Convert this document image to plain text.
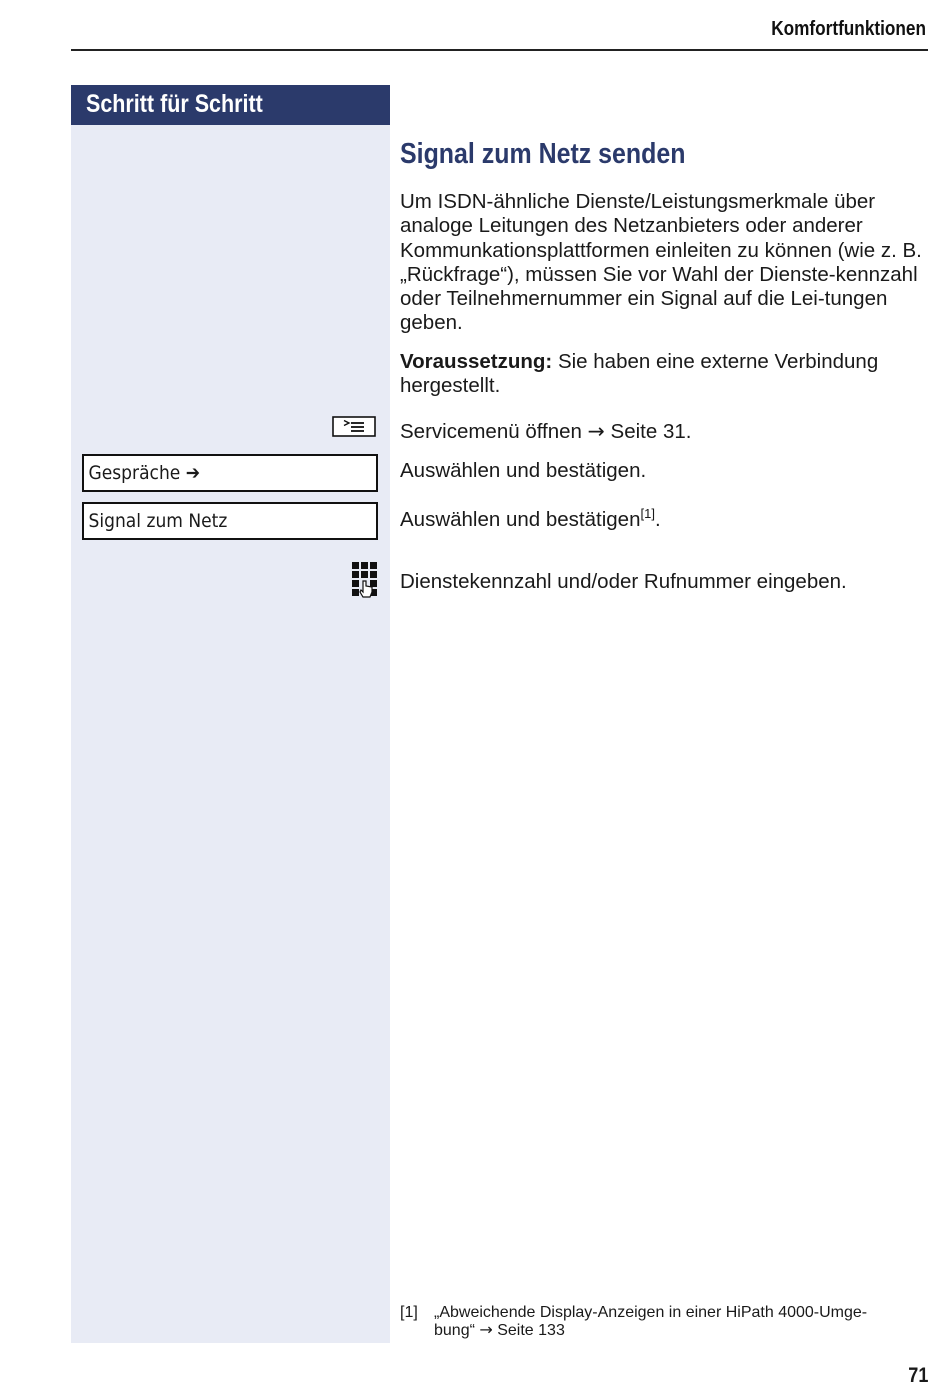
Komfortfunktionen
Schritt für Schritt
Gespräche ➔
Signal zum Netz
Signal zum Netz senden
Um ISDN-ähnliche Dienste/Leistungsmerkmale über analoge Leitungen des Netzanbieters oder anderer Kommunkationsplattformen einleiten zu können (wie z. B. „Rückfrage“), müssen Sie vor Wahl der Dienste-kennzahl oder Teilnehmernummer ein Signal auf die Lei-tungen geben.
Voraussetzung: Sie haben eine externe Verbindung hergestellt.
Servicemenü öffnen → Seite 31.
Auswählen und bestätigen.
Auswählen und bestätigen[1].
Dienstekennzahl und/oder Rufnummer eingeben.
[1] „Abweichende Display-Anzeigen in einer HiPath 4000-Umge-bung“ → Seite 133
71
